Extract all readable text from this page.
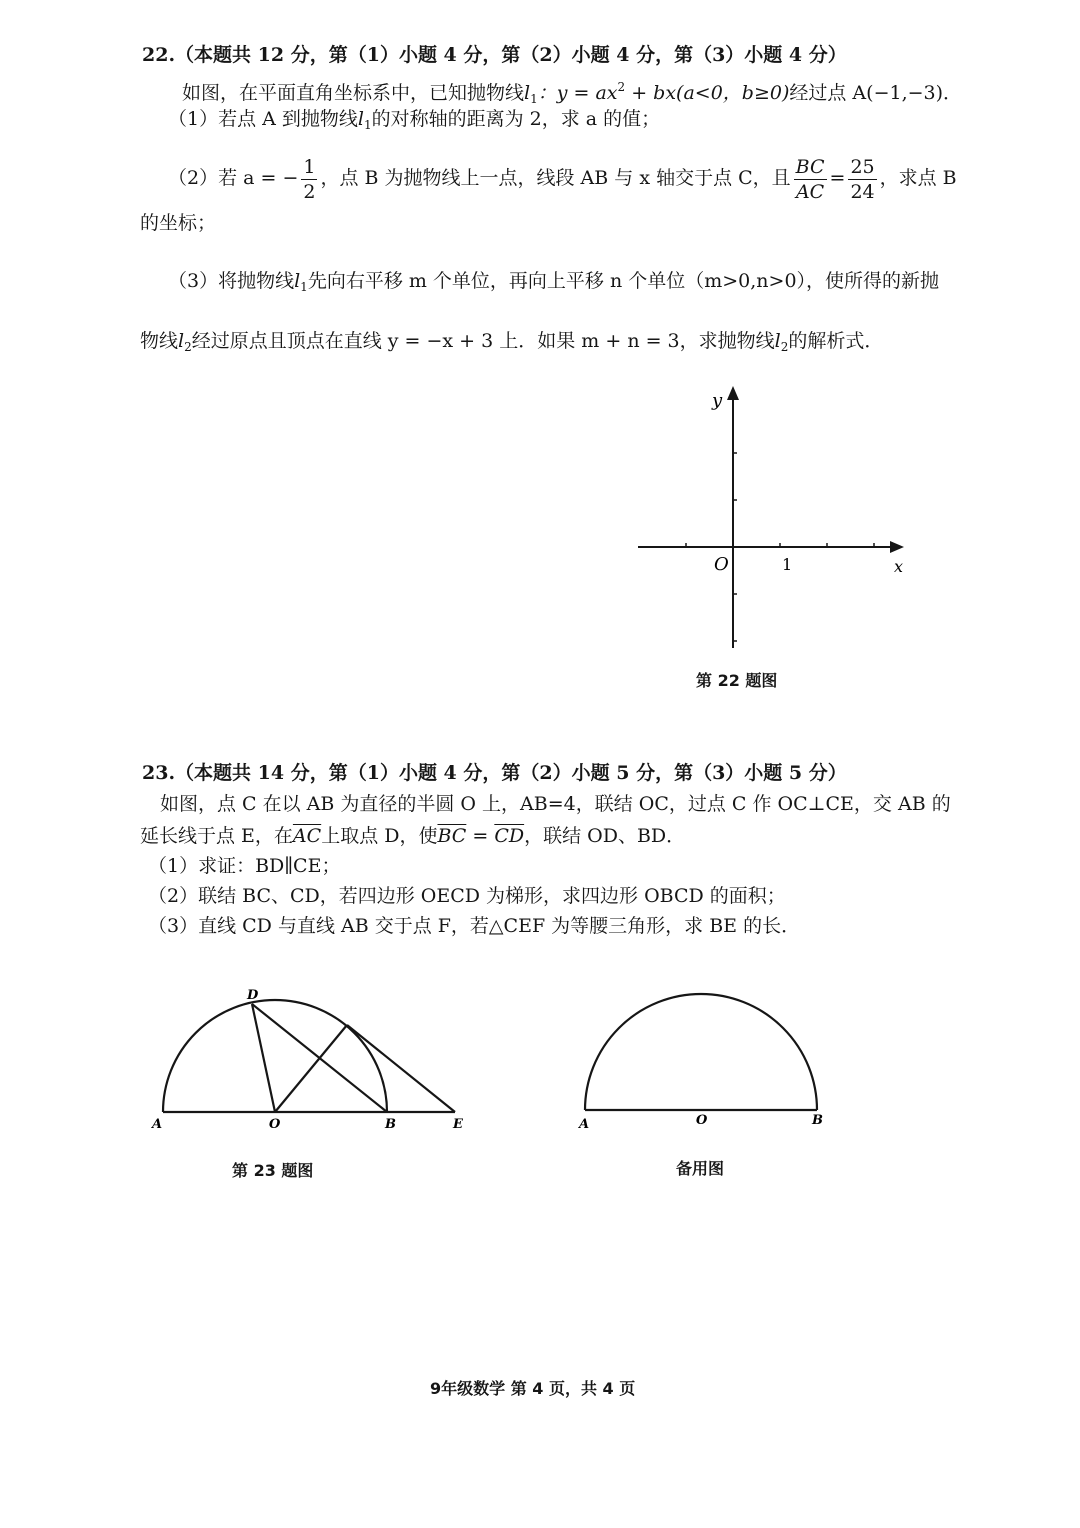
22.（本题共 12 分，第（1）小题 4 分，第（2）小题 4 分，第（3）小题 4 分）
如图，在平面直角坐标系中，已知抛物线$l_1$：$y = ax^2 + bx(a<0$，b≥0)经过点 A(−1,−3)．
（1）若点 A 到抛物线$l_1$的对称轴的距离为 2，求 a 的值；
（2）若 a = − $\frac{1}{2}$ ，点 B 为抛物线上一点，线段 AB 与 x 轴交于点 C，且 $\frac{BC}{AC} = \frac{25}{24}$ ，求点 B
的坐标；
（3）将抛物线$l_1$先向右平移 m 个单位，再向上平移 n 个单位（m>0,n>0），使所得的新抛
物线$l_2$经过原点且顶点在直线 y = −x + 3 上．如果 m + n = 3，求抛物线$l_2$的解析式．
y
x
O	1
第 22 题图
23.（本题共 14 分，第（1）小题 4 分，第（2）小题 5 分，第（3）小题 5 分）
如图，点 C 在以 AB 为直径的半圆 O 上，AB=4，联结 OC，过点 C 作 OC⊥CE，交 AB 的
延长线于点 E，在$\overline{AC}$上取点 D，使$\overline{BC} = \overline{CD}$，联结 OD、BD．
（1）求证：BD∥CE；
（2）联结 BC、CD，若四边形 OECD 为梯形，求四边形 OBCD 的面积；
（3）直线 CD 与直线 AB 交于点 F，若△CEF 为等腰三角形，求 BE 的长．
A	O	B	E
D
第 23 题图
A	O	B
备用图
9年级数学 第 4 页，共 4 页
